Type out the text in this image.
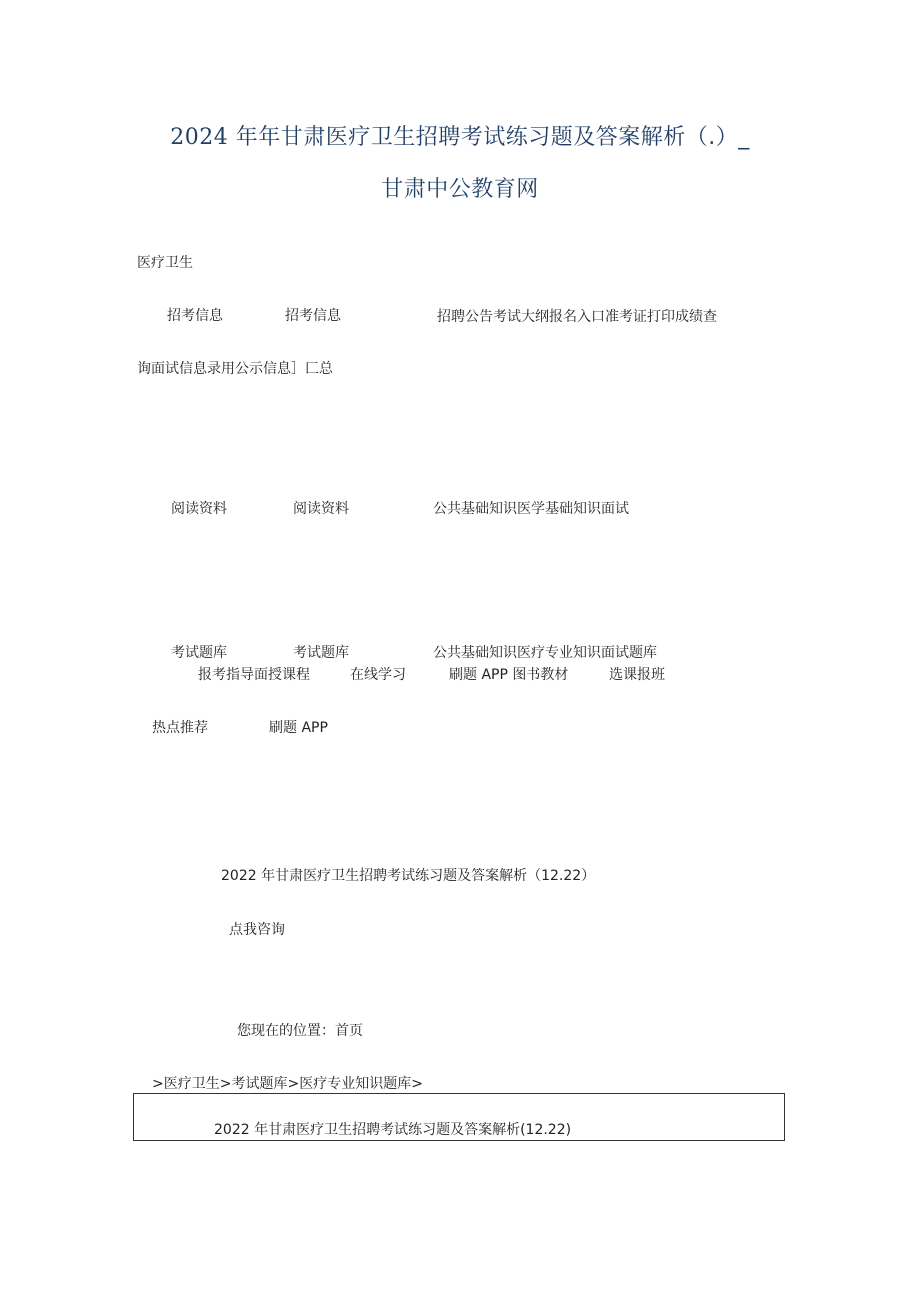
2024 年年甘肃医疗卫生招聘考试练习题及答案解析（.）_
甘肃中公教育网
医疗卫生
招考信息	招考信息	招聘公告考试大纲报名入口准考证打印成绩查
询面试信息录用公示信息］匚总
阅读资料	阅读资料	公共基础知识医学基础知识面试
考试题库	考试题库	公共基础知识医疗专业知识面试题库
报考指导面授课程	在线学习	刷题 APP 图书教材	选课报班
热点推荐	刷题 APP
2022 年甘肃医疗卫生招聘考试练习题及答案解析（12.22）
点我咨询
您现在的位置：首页
>医疗卫生>考试题库>医疗专业知识题库>
2022 年甘肃医疗卫生招聘考试练习题及答案解析(12.22)
